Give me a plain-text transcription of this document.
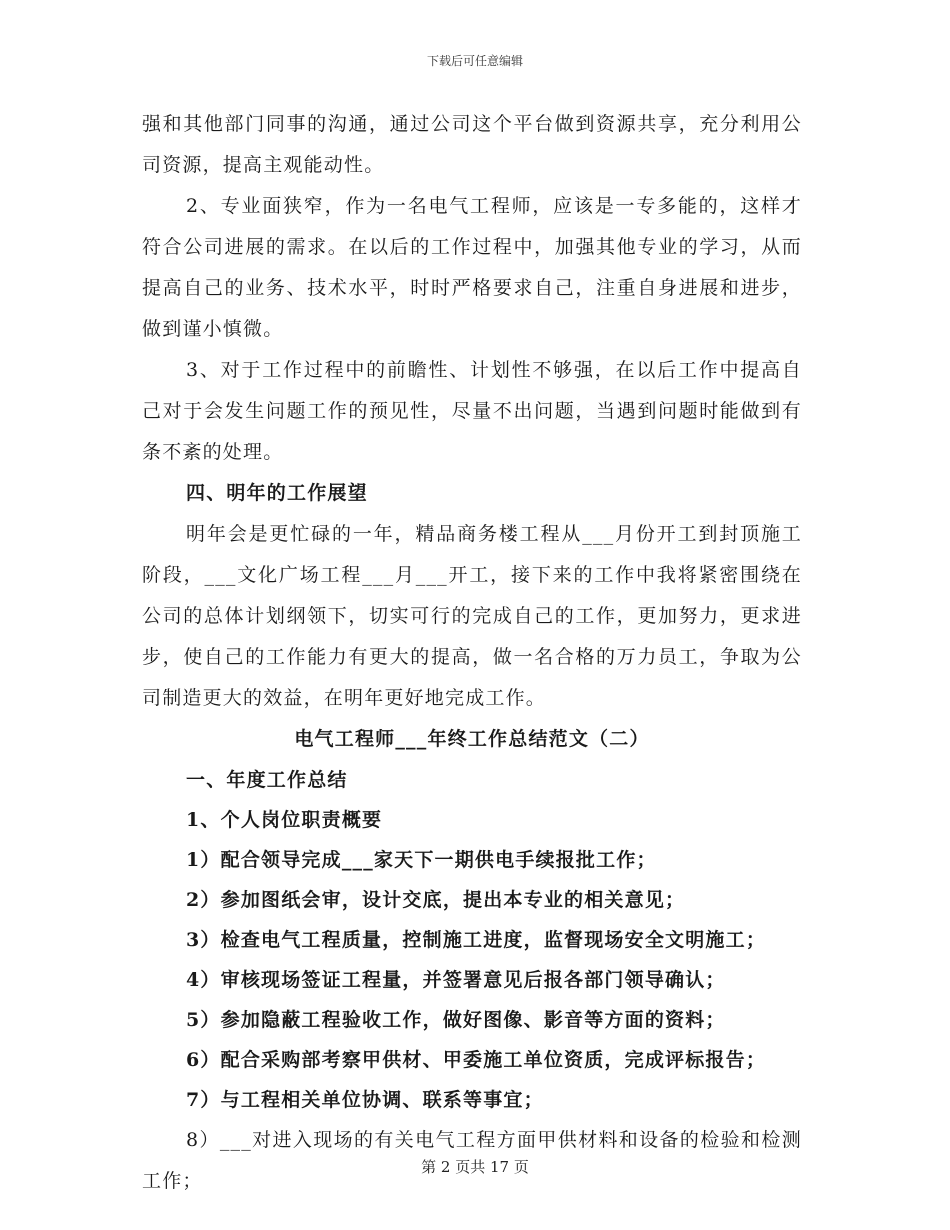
下载后可任意编辑

强和其他部门同事的沟通，通过公司这个平台做到资源共享，充分利用公司资源，提高主观能动性。

2、专业面狭窄，作为一名电气工程师，应该是一专多能的，这样才符合公司进展的需求。在以后的工作过程中，加强其他专业的学习，从而提高自己的业务、技术水平，时时严格要求自己，注重自身进展和进步，做到谨小慎微。

3、对于工作过程中的前瞻性、计划性不够强，在以后工作中提高自己对于会发生问题工作的预见性，尽量不出问题，当遇到问题时能做到有条不紊的处理。

四、明年的工作展望

明年会是更忙碌的一年，精品商务楼工程从___月份开工到封顶施工阶段，___文化广场工程___月___开工，接下来的工作中我将紧密围绕在公司的总体计划纲领下，切实可行的完成自己的工作，更加努力，更求进步，使自己的工作能力有更大的提高，做一名合格的万力员工，争取为公司制造更大的效益，在明年更好地完成工作。

电气工程师___年终工作总结范文（二）

一、年度工作总结

1、个人岗位职责概要

1）配合领导完成___家天下一期供电手续报批工作；

2）参加图纸会审，设计交底，提出本专业的相关意见；

3）检查电气工程质量，控制施工进度，监督现场安全文明施工；

4）审核现场签证工程量，并签署意见后报各部门领导确认；

5）参加隐蔽工程验收工作，做好图像、影音等方面的资料；

6）配合采购部考察甲供材、甲委施工单位资质，完成评标报告；

7）与工程相关单位协调、联系等事宜；

8）___对进入现场的有关电气工程方面甲供材料和设备的检验和检测工作；

第 2 页共 17 页
